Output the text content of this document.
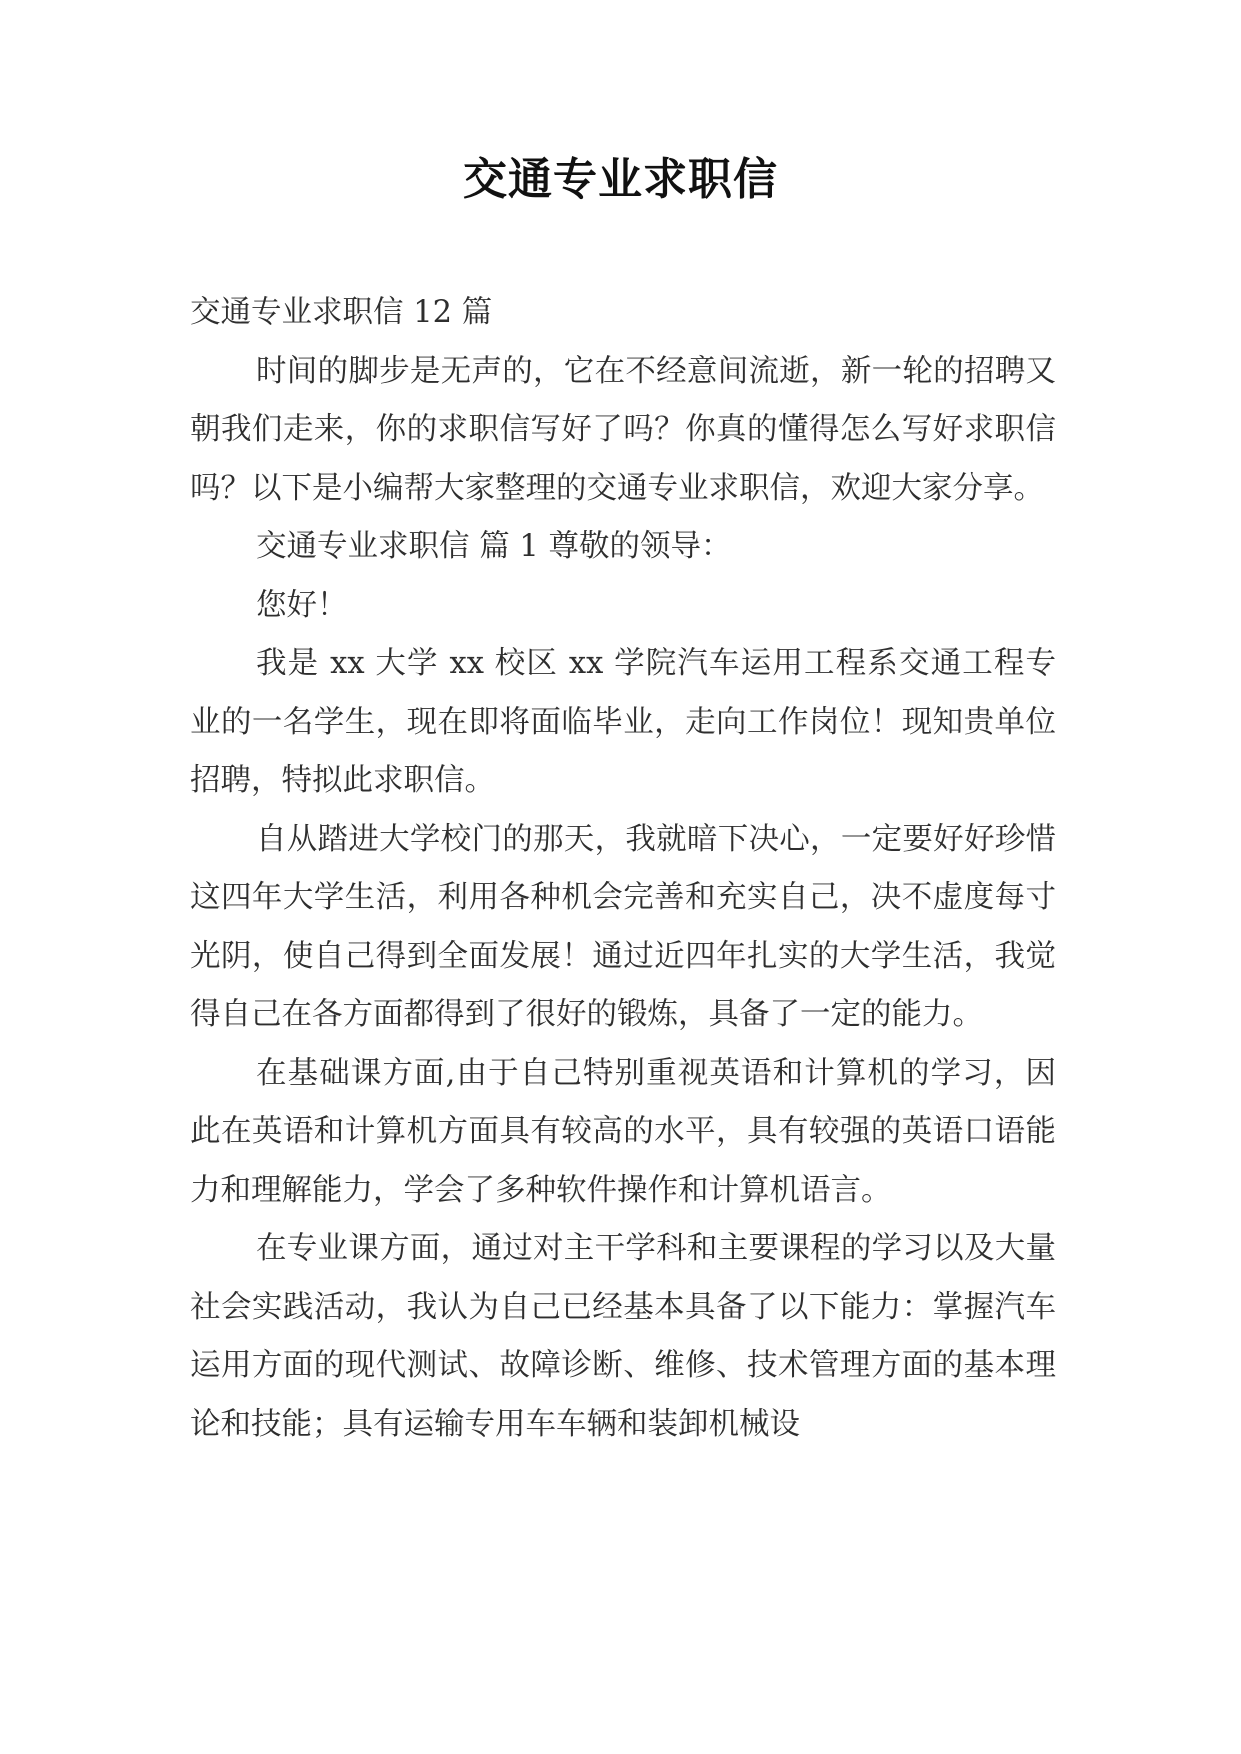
交通专业求职信

交通专业求职信 12 篇

时间的脚步是无声的，它在不经意间流逝，新一轮的招聘又朝我们走来，你的求职信写好了吗？你真的懂得怎么写好求职信吗？以下是小编帮大家整理的交通专业求职信，欢迎大家分享。

交通专业求职信 篇 1 尊敬的领导：

您好！

我是 xx 大学 xx 校区 xx 学院汽车运用工程系交通工程专业的一名学生，现在即将面临毕业，走向工作岗位！现知贵单位招聘，特拟此求职信。

自从踏进大学校门的那天，我就暗下决心，一定要好好珍惜这四年大学生活，利用各种机会完善和充实自己，决不虚度每寸光阴，使自己得到全面发展！通过近四年扎实的大学生活，我觉得自己在各方面都得到了很好的锻炼，具备了一定的能力。

在基础课方面,由于自己特别重视英语和计算机的学习，因此在英语和计算机方面具有较高的水平，具有较强的英语口语能力和理解能力，学会了多种软件操作和计算机语言。

在专业课方面，通过对主干学科和主要课程的学习以及大量社会实践活动，我认为自己已经基本具备了以下能力：掌握汽车运用方面的现代测试、故障诊断、维修、技术管理方面的基本理论和技能；具有运输专用车车辆和装卸机械设
